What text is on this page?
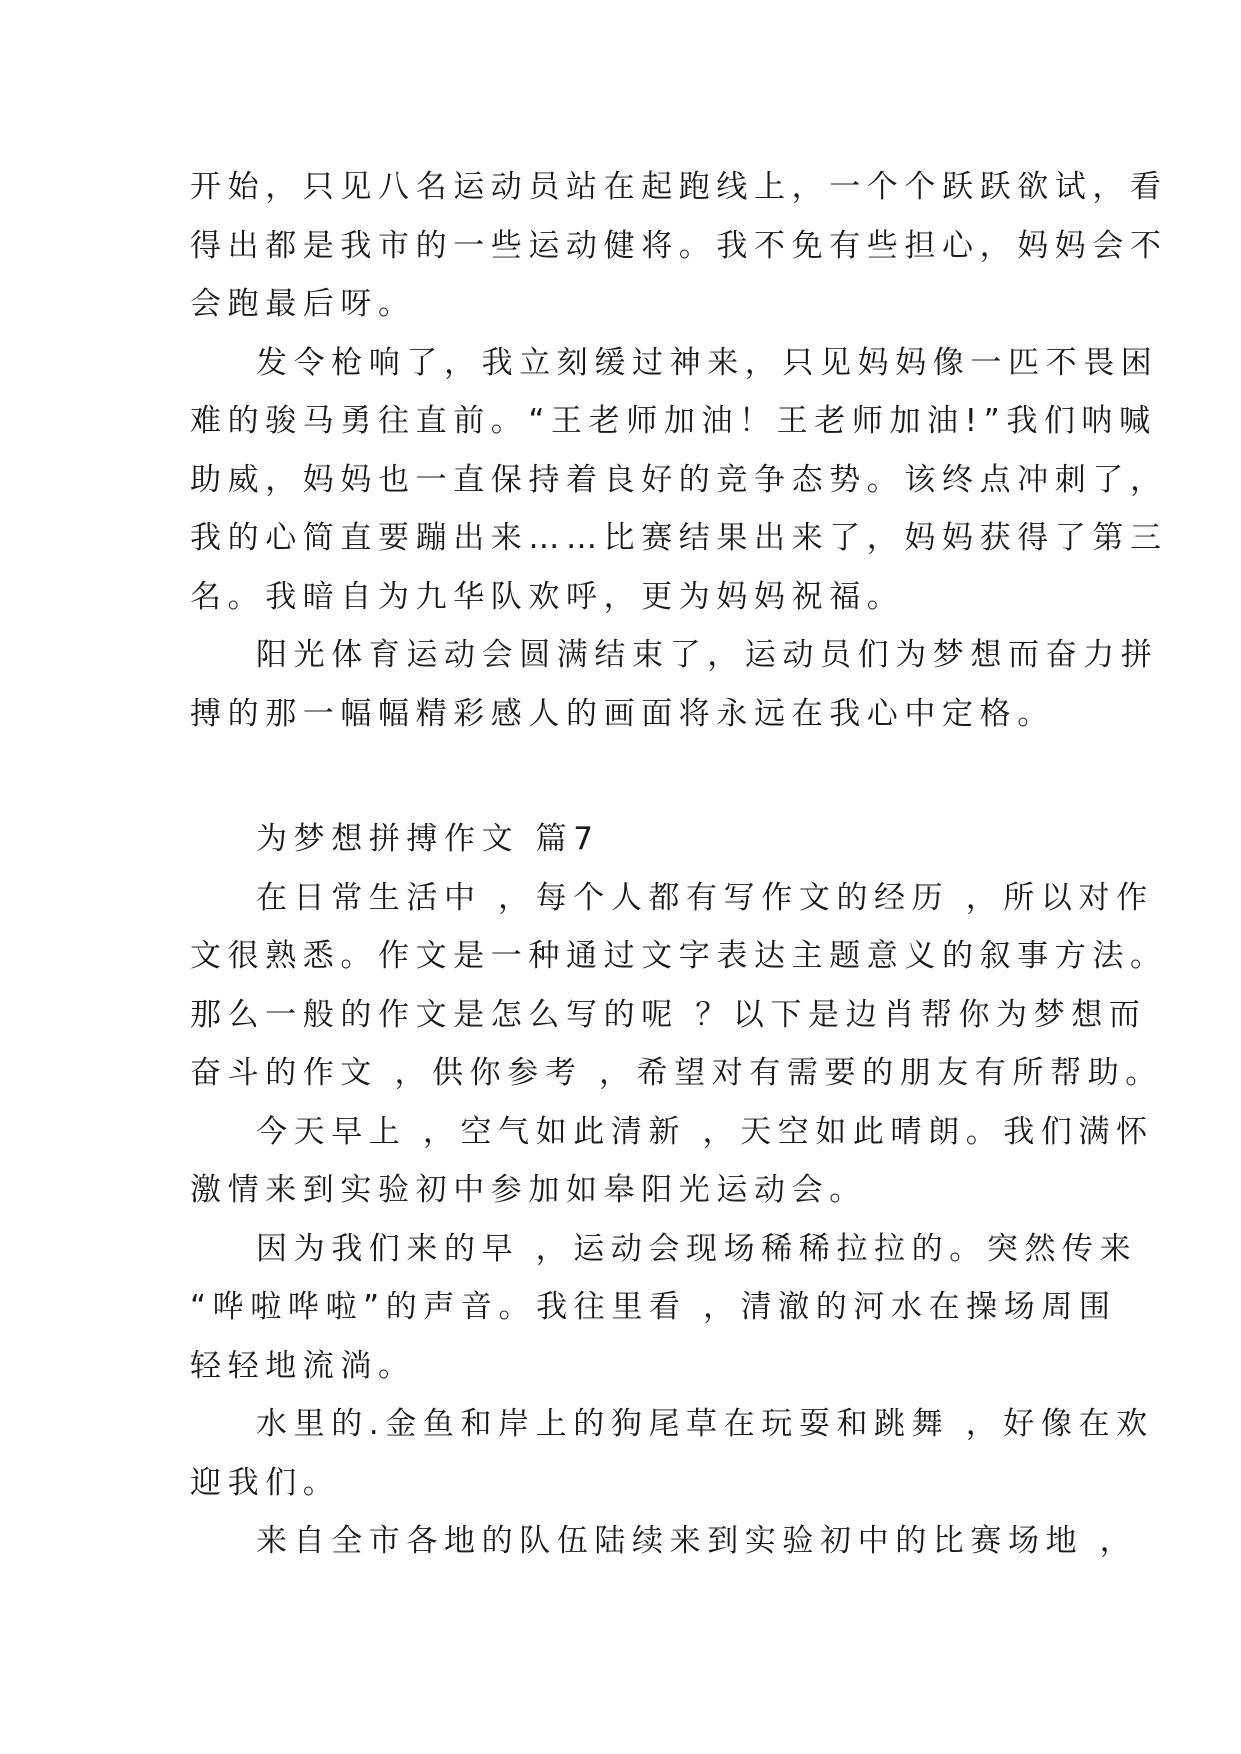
开始，只见八名运动员站在起跑线上，一个个跃跃欲试，看
得出都是我市的一些运动健将。我不免有些担心，妈妈会不
会跑最后呀。
发令枪响了，我立刻缓过神来，只见妈妈像一匹不畏困
难的骏马勇往直前。“王老师加油！王老师加油!”我们呐喊
助威，妈妈也一直保持着良好的竞争态势。该终点冲刺了，
我的心简直要蹦出来……比赛结果出来了，妈妈获得了第三
名。我暗自为九华队欢呼，更为妈妈祝福。
阳光体育运动会圆满结束了，运动员们为梦想而奋力拼
搏的那一幅幅精彩感人的画面将永远在我心中定格。
为梦想拼搏作文 篇7
在日常生活中 ，每个人都有写作文的经历 ，所以对作
文很熟悉。作文是一种通过文字表达主题意义的叙事方法。
那么一般的作文是怎么写的呢 ？以下是边肖帮你为梦想而
奋斗的作文 ，供你参考 ，希望对有需要的朋友有所帮助。
今天早上 ，空气如此清新 ，天空如此晴朗。我们满怀
激情来到实验初中参加如皋阳光运动会。
因为我们来的早 ，运动会现场稀稀拉拉的。突然传来
“哗啦哗啦”的声音。我往里看 ，清澈的河水在操场周围
轻轻地流淌。
水里的.金鱼和岸上的狗尾草在玩耍和跳舞 ，好像在欢
迎我们。
来自全市各地的队伍陆续来到实验初中的比赛场地 ，
